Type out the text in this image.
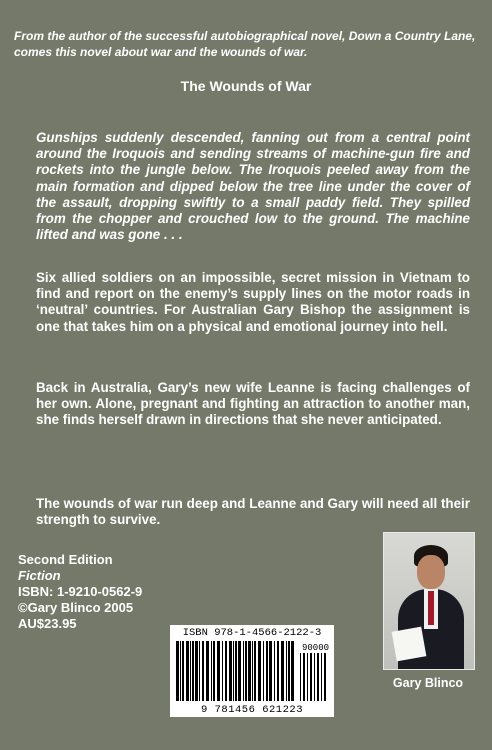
From the author of the successful autobiographical novel, Down a Country Lane, comes this novel about war and the wounds of war.
The Wounds of War
Gunships suddenly descended, fanning out from a central point around the Iroquois and sending streams of machine-gun fire and rockets into the jungle below. The Iroquois peeled away from the main formation and dipped below the tree line under the cover of the assault, dropping swiftly to a small paddy field. They spilled from the chopper and crouched low to the ground. The machine lifted and was gone . . .
Six allied soldiers on an impossible, secret mission in Vietnam to find and report on the enemy’s supply lines on the motor roads in ‘neutral’ countries. For Australian Gary Bishop the assignment is one that takes him on a physical and emotional journey into hell.
Back in Australia, Gary’s new wife Leanne is facing challenges of her own. Alone, pregnant and fighting an attraction to another man, she finds herself drawn in directions that she never anticipated.
The wounds of war run deep and Leanne and Gary will need all their strength to survive.
Second Edition
Fiction
ISBN: 1-9210-0562-9
©Gary Blinco 2005
AU$23.95
ISBN 978-1-4566-2122-3
90000
9 781456 621223
Gary Blinco
